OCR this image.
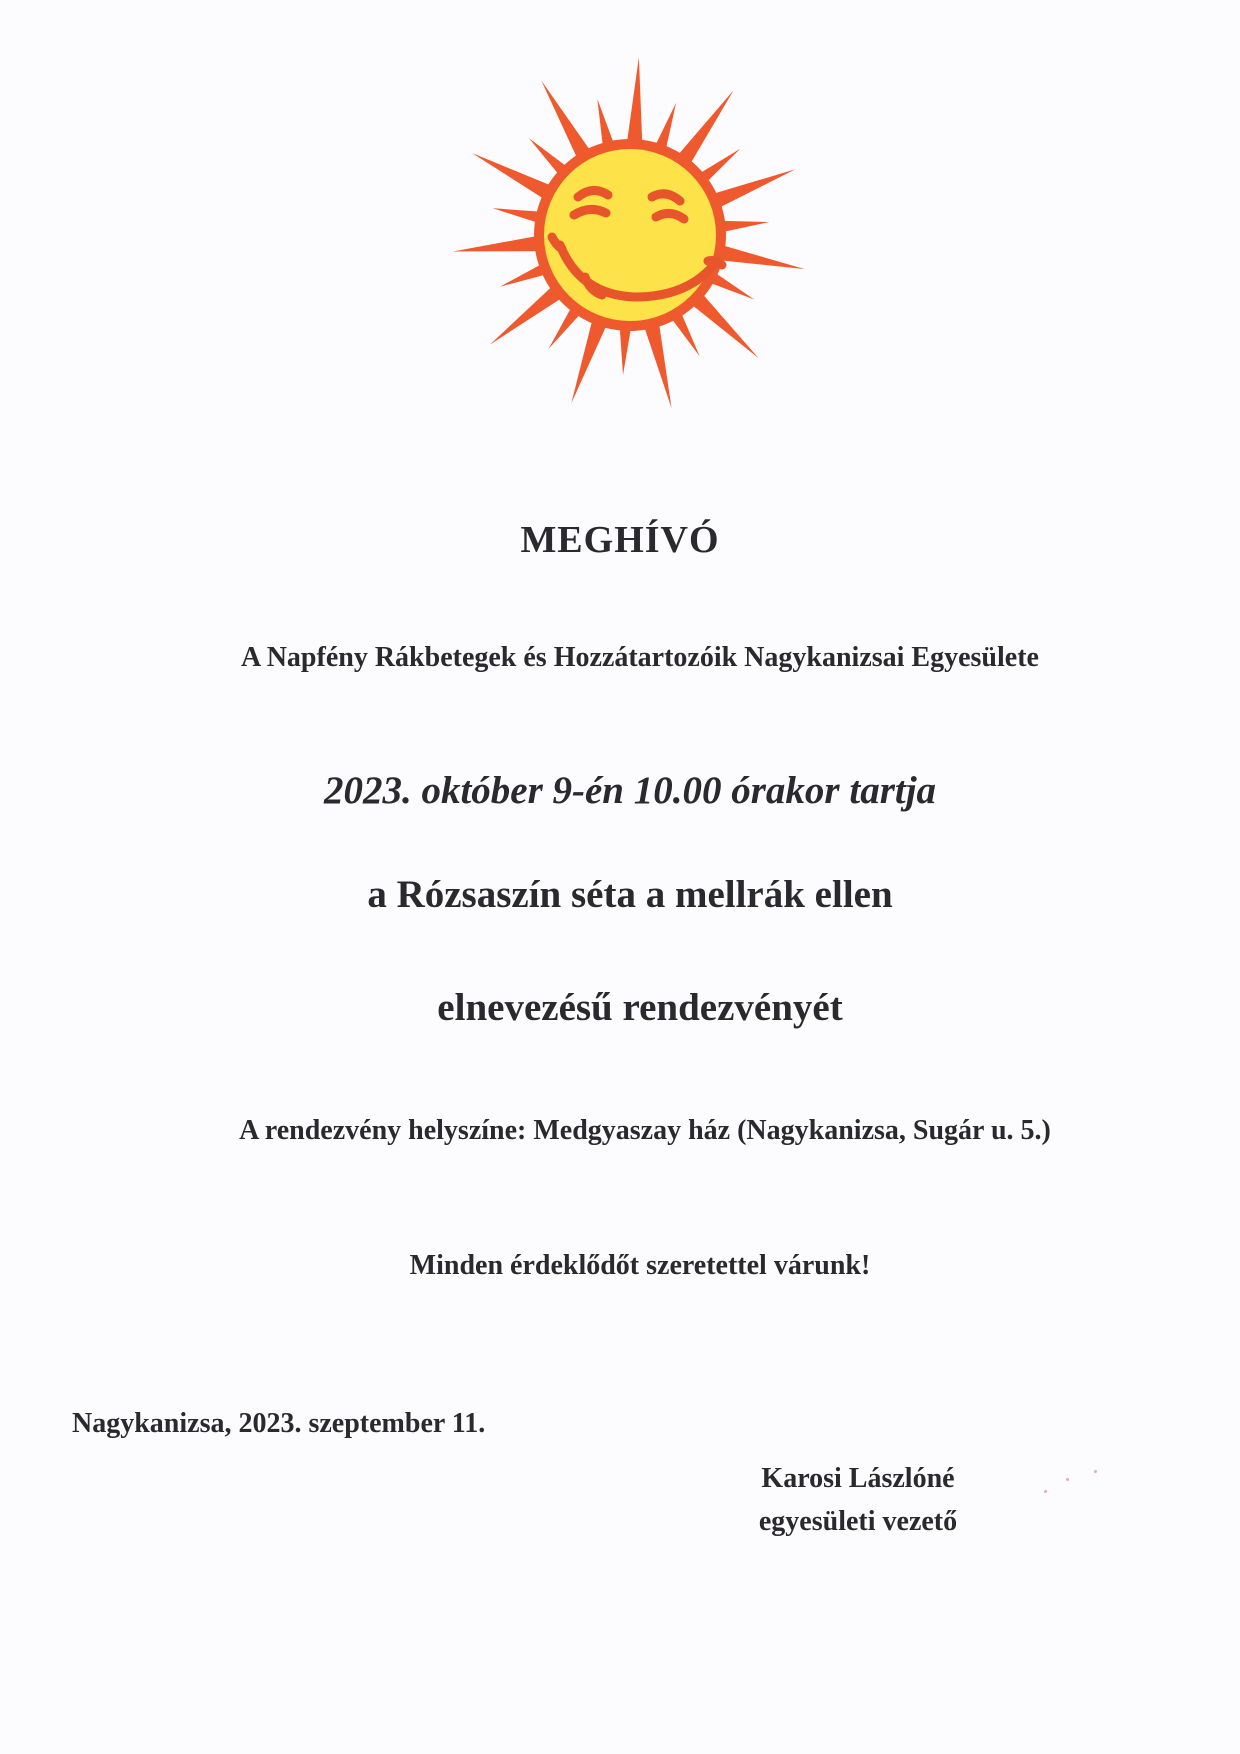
MEGHÍVÓ
A Napfény Rákbetegek és Hozzátartozóik Nagykanizsai Egyesülete
2023. október 9-én 10.00 órakor tartja
a Rózsaszín séta a mellrák ellen
elnevezésű rendezvényét
A rendezvény helyszíne: Medgyaszay ház (Nagykanizsa, Sugár u. 5.)
Minden érdeklődőt szeretettel várunk!
Nagykanizsa, 2023. szeptember 11.
Karosi Lászlóné
egyesületi vezető
